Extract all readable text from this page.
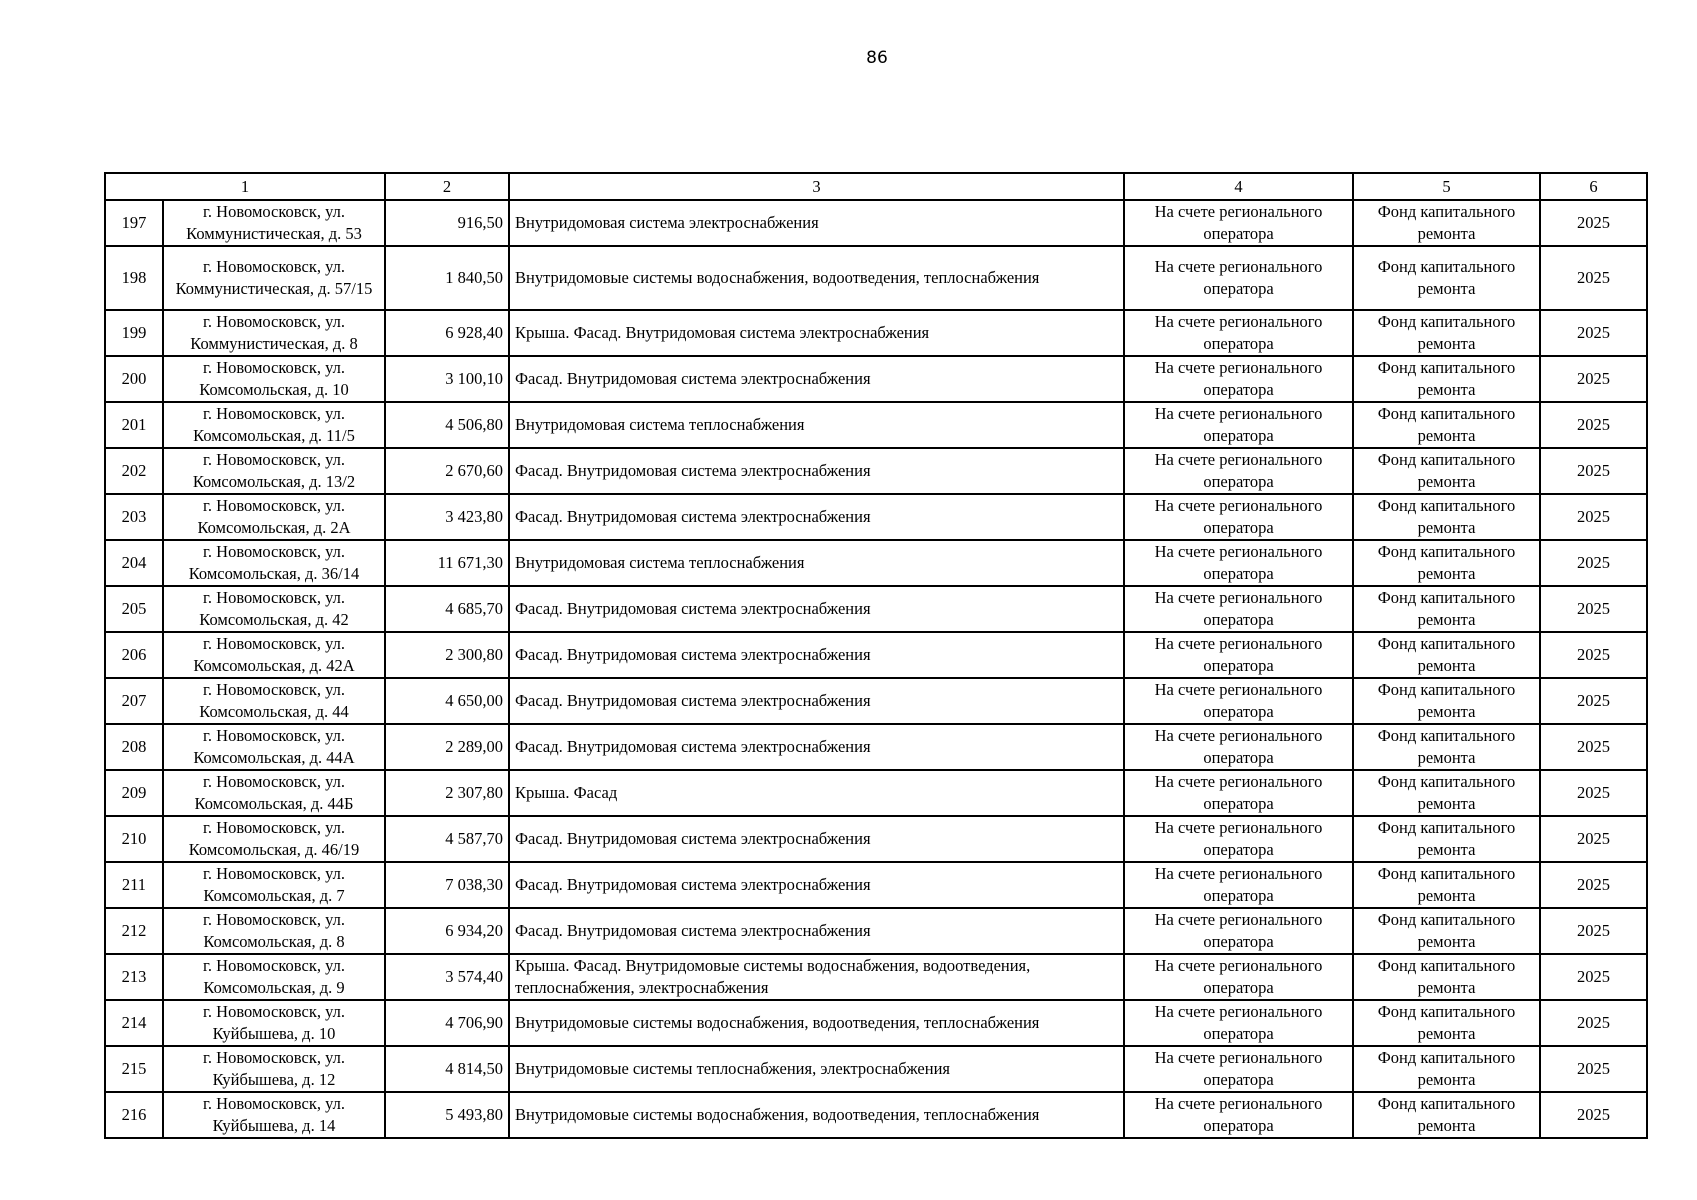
86
1		2	3	4	5	6
197	г. Новомосковск, ул. Коммунистическая, д. 53	916,50	Внутридомовая система электроснабжения	На счете регионального оператора	Фонд капитального ремонта	2025
198	г. Новомосковск, ул. Коммунистическая, д. 57/15	1 840,50	Внутридомовые системы водоснабжения, водоотведения, теплоснабжения	На счете регионального оператора	Фонд капитального ремонта	2025
199	г. Новомосковск, ул. Коммунистическая, д. 8	6 928,40	Крыша. Фасад. Внутридомовая система электроснабжения	На счете регионального оператора	Фонд капитального ремонта	2025
200	г. Новомосковск, ул. Комсомольская, д. 10	3 100,10	Фасад. Внутридомовая система электроснабжения	На счете регионального оператора	Фонд капитального ремонта	2025
201	г. Новомосковск, ул. Комсомольская, д. 11/5	4 506,80	Внутридомовая система теплоснабжения	На счете регионального оператора	Фонд капитального ремонта	2025
202	г. Новомосковск, ул. Комсомольская, д. 13/2	2 670,60	Фасад. Внутридомовая система электроснабжения	На счете регионального оператора	Фонд капитального ремонта	2025
203	г. Новомосковск, ул. Комсомольская, д. 2А	3 423,80	Фасад. Внутридомовая система электроснабжения	На счете регионального оператора	Фонд капитального ремонта	2025
204	г. Новомосковск, ул. Комсомольская, д. 36/14	11 671,30	Внутридомовая система теплоснабжения	На счете регионального оператора	Фонд капитального ремонта	2025
205	г. Новомосковск, ул. Комсомольская, д. 42	4 685,70	Фасад. Внутридомовая система электроснабжения	На счете регионального оператора	Фонд капитального ремонта	2025
206	г. Новомосковск, ул. Комсомольская, д. 42А	2 300,80	Фасад. Внутридомовая система электроснабжения	На счете регионального оператора	Фонд капитального ремонта	2025
207	г. Новомосковск, ул. Комсомольская, д. 44	4 650,00	Фасад. Внутридомовая система электроснабжения	На счете регионального оператора	Фонд капитального ремонта	2025
208	г. Новомосковск, ул. Комсомольская, д. 44А	2 289,00	Фасад. Внутридомовая система электроснабжения	На счете регионального оператора	Фонд капитального ремонта	2025
209	г. Новомосковск, ул. Комсомольская, д. 44Б	2 307,80	Крыша. Фасад	На счете регионального оператора	Фонд капитального ремонта	2025
210	г. Новомосковск, ул. Комсомольская, д. 46/19	4 587,70	Фасад. Внутридомовая система электроснабжения	На счете регионального оператора	Фонд капитального ремонта	2025
211	г. Новомосковск, ул. Комсомольская, д. 7	7 038,30	Фасад. Внутридомовая система электроснабжения	На счете регионального оператора	Фонд капитального ремонта	2025
212	г. Новомосковск, ул. Комсомольская, д. 8	6 934,20	Фасад. Внутридомовая система электроснабжения	На счете регионального оператора	Фонд капитального ремонта	2025
213	г. Новомосковск, ул. Комсомольская, д. 9	3 574,40	Крыша. Фасад. Внутридомовые системы водоснабжения, водоотведения, теплоснабжения, электроснабжения	На счете регионального оператора	Фонд капитального ремонта	2025
214	г. Новомосковск, ул. Куйбышева, д. 10	4 706,90	Внутридомовые системы водоснабжения, водоотведения, теплоснабжения	На счете регионального оператора	Фонд капитального ремонта	2025
215	г. Новомосковск, ул. Куйбышева, д. 12	4 814,50	Внутридомовые системы теплоснабжения, электроснабжения	На счете регионального оператора	Фонд капитального ремонта	2025
216	г. Новомосковск, ул. Куйбышева, д. 14	5 493,80	Внутридомовые системы водоснабжения, водоотведения, теплоснабжения	На счете регионального оператора	Фонд капитального ремонта	2025
